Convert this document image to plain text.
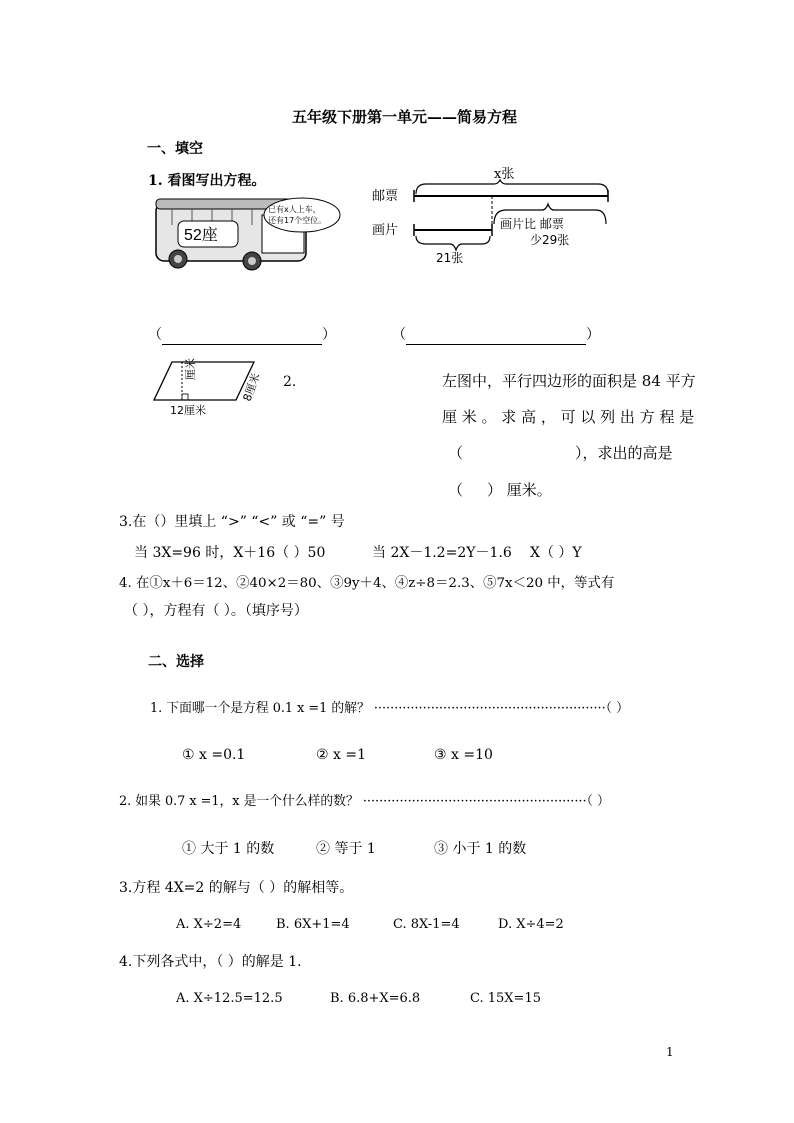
五年级下册第一单元——简易方程
一、填空
1. 看图写出方程。
52座
已有x人上车，
还有17个空位。
x张
邮票
画片	画片比 邮票
少29张
21张
（	）	（	）
厘米
8厘米
12厘米
2.	左图中，平行四边形的面积是 84 平方
厘 米 。 求 高 ， 可 以 列 出 方 程 是
（	），求出的高是
（ ） 厘米。
3.在（）里填上 “>” “<” 或 “=” 号
当 3X=96 时，X＋16（ ）50	当 2X－1.2=2Y－1.6 X（ ）Y
4. 在①x＋6＝12、②40×2＝80、③9y＋4、④z÷8＝2.3、⑤7x＜20 中，等式有
（ ），方程有（ ）。（填序号）
二、选择
1. 下面哪一个是方程 0.1 x =1 的解？ ·························································（ ）
① x =0.1	② x =1	③ x =10
2. 如果 0.7 x =1，x 是一个什么样的数？ ·······················································（ ）
① 大于 1 的数	② 等于 1	③ 小于 1 的数
3.方程 4X=2 的解与（ ）的解相等。
A. X÷2=4	B. 6X+1=4	C. 8X-1=4	D. X÷4=2
4.下列各式中，（ ）的解是 1.
A. X÷12.5=12.5	B. 6.8+X=6.8	C. 15X=15
1
